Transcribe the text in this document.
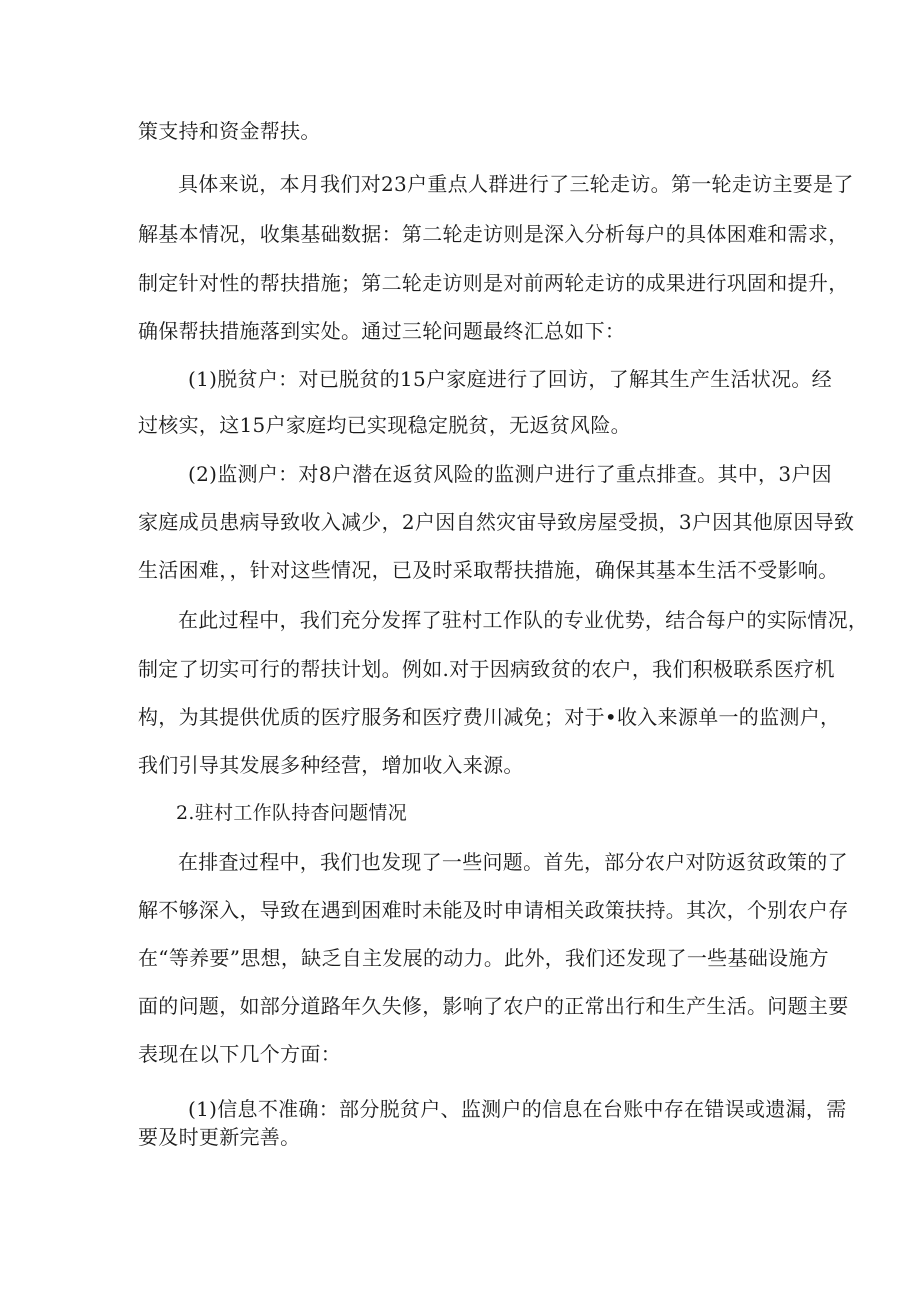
策支持和资金帮扶。
具体来说，本月我们对23户重点人群进行了三轮走访。第一轮走访主要是了
解基本情况，收集基础数据：第二轮走访则是深入分析每户的具体困难和需求，
制定针对性的帮扶措施；第二轮走访则是对前两轮走访的成果进行巩固和提升，
确保帮扶措施落到实处。通过三轮问题最终汇总如下：
(1)脱贫户：对已脱贫的15户家庭进行了回访，了解其生产生活状况。经
过核实，这15户家庭均已实现稳定脱贫，无返贫风险。
(2)监测户：对8户潜在返贫风险的监测户进行了重点排查。其中，3户因
家庭成员患病导致收入减少，2户因自然灾宙导致房屋受损，3户因其他原因导致
生活困难，，针对这些情况，已及时采取帮扶措施，确保其基本生活不受影响。
在此过程中，我们充分发挥了驻村工作队的专业优势，结合每户的实际情况，
制定了切实可行的帮扶计划。例如.对于因病致贫的农户，我们积极联系医疗机
构，为其提供优质的医疗服务和医疗费川减免；对于•收入来源单一的监测户，
我们引导其发展多种经营，增加收入来源。
2.驻村工作队持杳问题情况
在排査过程中，我们也发现了一些问题。首先，部分农户对防返贫政策的了
解不够深入，导致在遇到困难时未能及时申请相关政策扶持。其次，个别农户存
在“等养要”思想，缺乏自主发展的动力。此外，我们还发现了一些基础设施方
面的问题，如部分道路年久失修，影响了农户的正常出行和生产生活。问题主要
表现在以下几个方面：
(1)信息不准确：部分脱贫户、监测户的信息在台账中存在错误或遗漏，需
要及时更新完善。
